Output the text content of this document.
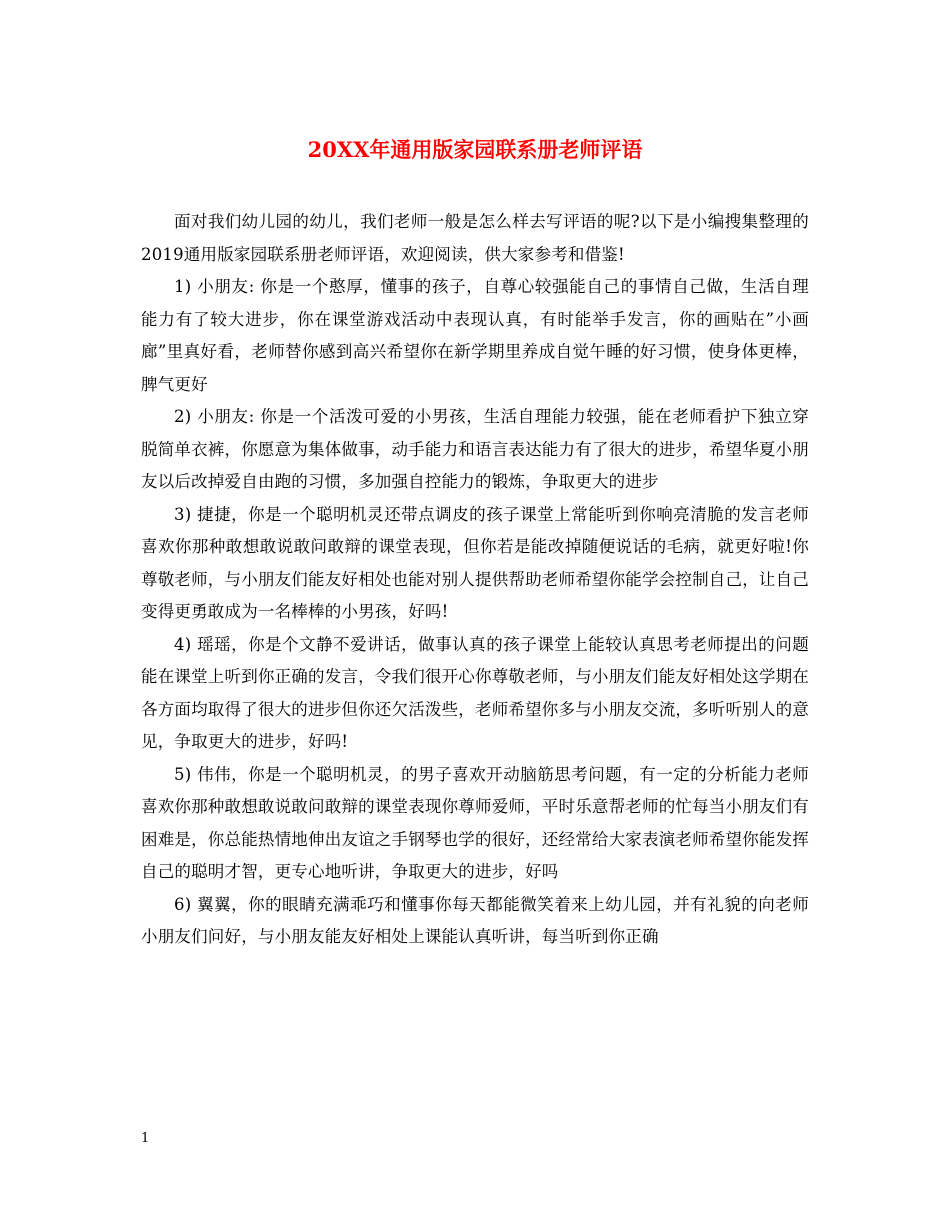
20XX年通用版家园联系册老师评语

面对我们幼儿园的幼儿，我们老师一般是怎么样去写评语的呢?以下是小编搜集整理的2019通用版家园联系册老师评语，欢迎阅读，供大家参考和借鉴!

1) 小朋友: 你是一个憨厚，懂事的孩子，自尊心较强能自己的事情自己做，生活自理能力有了较大进步，你在课堂游戏活动中表现认真，有时能举手发言，你的画贴在”小画廊”里真好看，老师替你感到高兴希望你在新学期里养成自觉午睡的好习惯，使身体更棒，脾气更好

2) 小朋友: 你是一个活泼可爱的小男孩，生活自理能力较强，能在老师看护下独立穿脱简单衣裤，你愿意为集体做事，动手能力和语言表达能力有了很大的进步，希望华夏小朋友以后改掉爱自由跑的习惯，多加强自控能力的锻炼，争取更大的进步

3) 捷捷，你是一个聪明机灵还带点调皮的孩子课堂上常能听到你响亮清脆的发言老师喜欢你那种敢想敢说敢问敢辩的课堂表现，但你若是能改掉随便说话的毛病，就更好啦!你尊敬老师，与小朋友们能友好相处也能对别人提供帮助老师希望你能学会控制自己，让自己变得更勇敢成为一名棒棒的小男孩，好吗!

4) 瑶瑶，你是个文静不爱讲话，做事认真的孩子课堂上能较认真思考老师提出的问题能在课堂上听到你正确的发言，令我们很开心你尊敬老师，与小朋友们能友好相处这学期在各方面均取得了很大的进步但你还欠活泼些，老师希望你多与小朋友交流，多听听别人的意见，争取更大的进步，好吗!

5) 伟伟，你是一个聪明机灵，的男子喜欢开动脑筋思考问题，有一定的分析能力老师喜欢你那种敢想敢说敢问敢辩的课堂表现你尊师爱师，平时乐意帮老师的忙每当小朋友们有困难是，你总能热情地伸出友谊之手钢琴也学的很好，还经常给大家表演老师希望你能发挥自己的聪明才智，更专心地听讲，争取更大的进步，好吗

6) 翼翼，你的眼睛充满乖巧和懂事你每天都能微笑着来上幼儿园，并有礼貌的向老师小朋友们问好，与小朋友能友好相处上课能认真听讲，每当听到你正确

1
